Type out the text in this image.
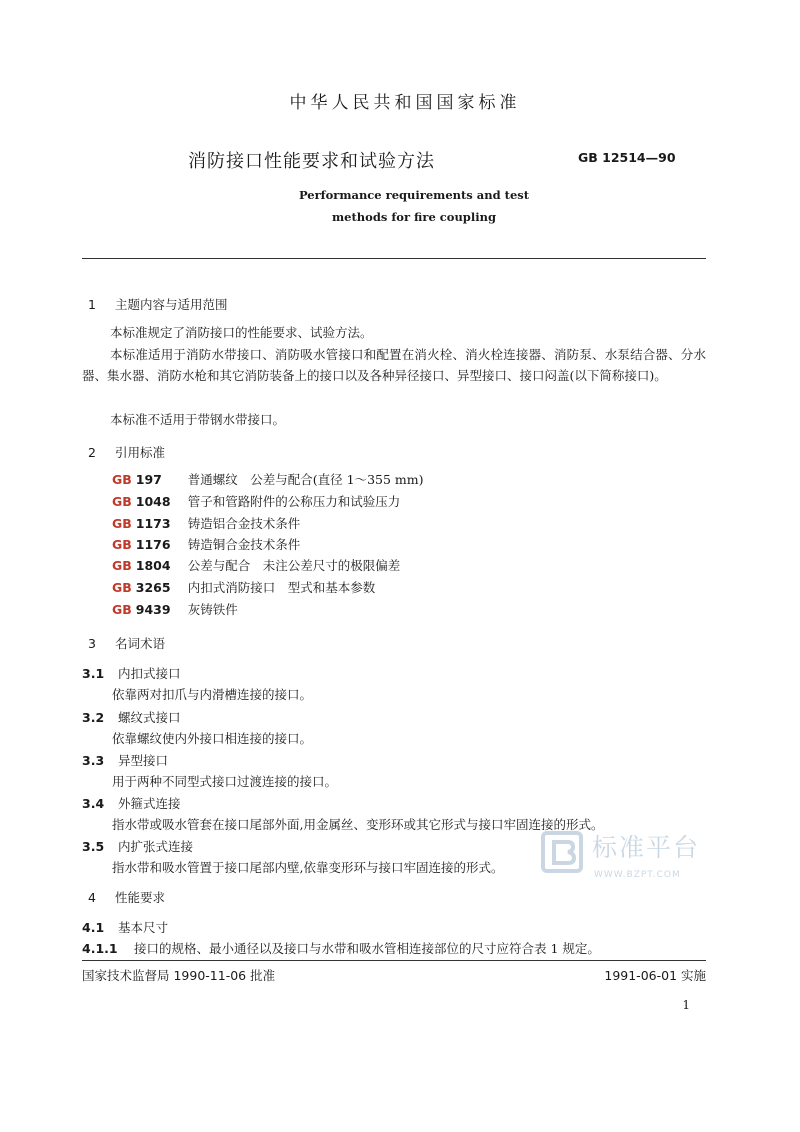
中华人民共和国国家标准
消防接口性能要求和试验方法	GB 12514—90
Performance requirements and test
methods for fire coupling
1 主题内容与适用范围
本标准规定了消防接口的性能要求、试验方法。
本标准适用于消防水带接口、消防吸水管接口和配置在消火栓、消火栓连接器、消防泵、水泵结合器、分水器、集水器、消防水枪和其它消防装备上的接口以及各种异径接口、异型接口、接口闷盖(以下简称接口)。
本标准不适用于带钢水带接口。
2 引用标准
GB 197 普通螺纹　公差与配合(直径 1～355 mm)
GB 1048 管子和管路附件的公称压力和试验压力
GB 1173 铸造铝合金技术条件
GB 1176 铸造铜合金技术条件
GB 1804 公差与配合　未注公差尺寸的极限偏差
GB 3265 内扣式消防接口　型式和基本参数
GB 9439 灰铸铁件
3 名词术语
3.1 内扣式接口
依靠两对扣爪与内滑槽连接的接口。
3.2 螺纹式接口
依靠螺纹使内外接口相连接的接口。
3.3 异型接口
用于两种不同型式接口过渡连接的接口。
3.4 外箍式连接
指水带或吸水管套在接口尾部外面,用金属丝、变形环或其它形式与接口牢固连接的形式。
3.5 内扩张式连接
指水带和吸水管置于接口尾部内壁,依靠变形环与接口牢固连接的形式。
4 性能要求
4.1 基本尺寸
4.1.1 接口的规格、最小通径以及接口与水带和吸水管相连接部位的尺寸应符合表 1 规定。
国家技术监督局 1990-11-06 批准	1991-06-01 实施
1
标准平台
WWW.BZPT.COM
